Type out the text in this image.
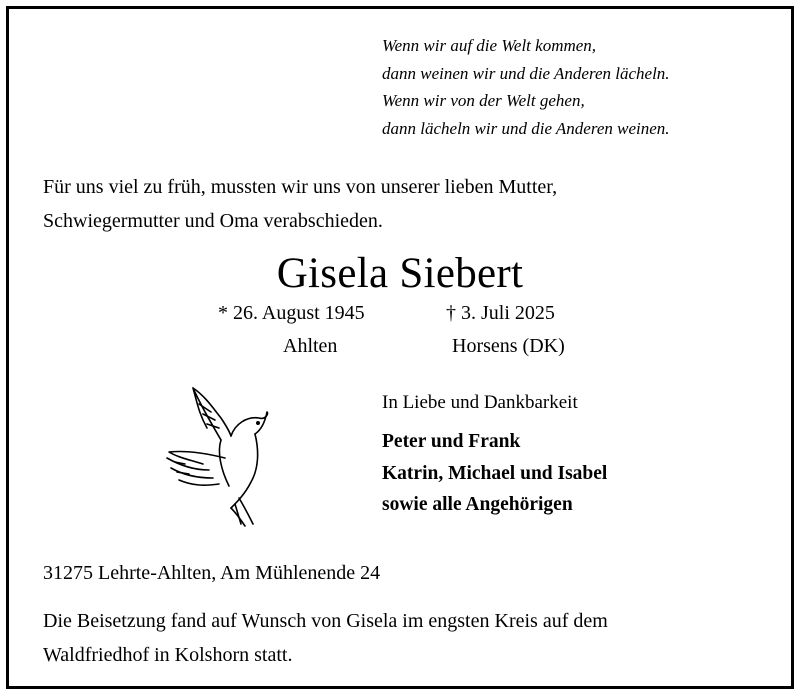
Wenn wir auf die Welt kommen,
dann weinen wir und die Anderen lächeln.
Wenn wir von der Welt gehen,
dann lächeln wir und die Anderen weinen.
Für uns viel zu früh, mussten wir uns von unserer lieben Mutter,
Schwiegermutter und Oma verabschieden.
Gisela Siebert
* 26. August 1945	† 3. Juli 2025
Ahlten	Horsens (DK)
In Liebe und Dankbarkeit
Peter und Frank
Katrin, Michael und Isabel
sowie alle Angehörigen
31275 Lehrte-Ahlten, Am Mühlenende 24
Die Beisetzung fand auf Wunsch von Gisela im engsten Kreis auf dem
Waldfriedhof in Kolshorn statt.
